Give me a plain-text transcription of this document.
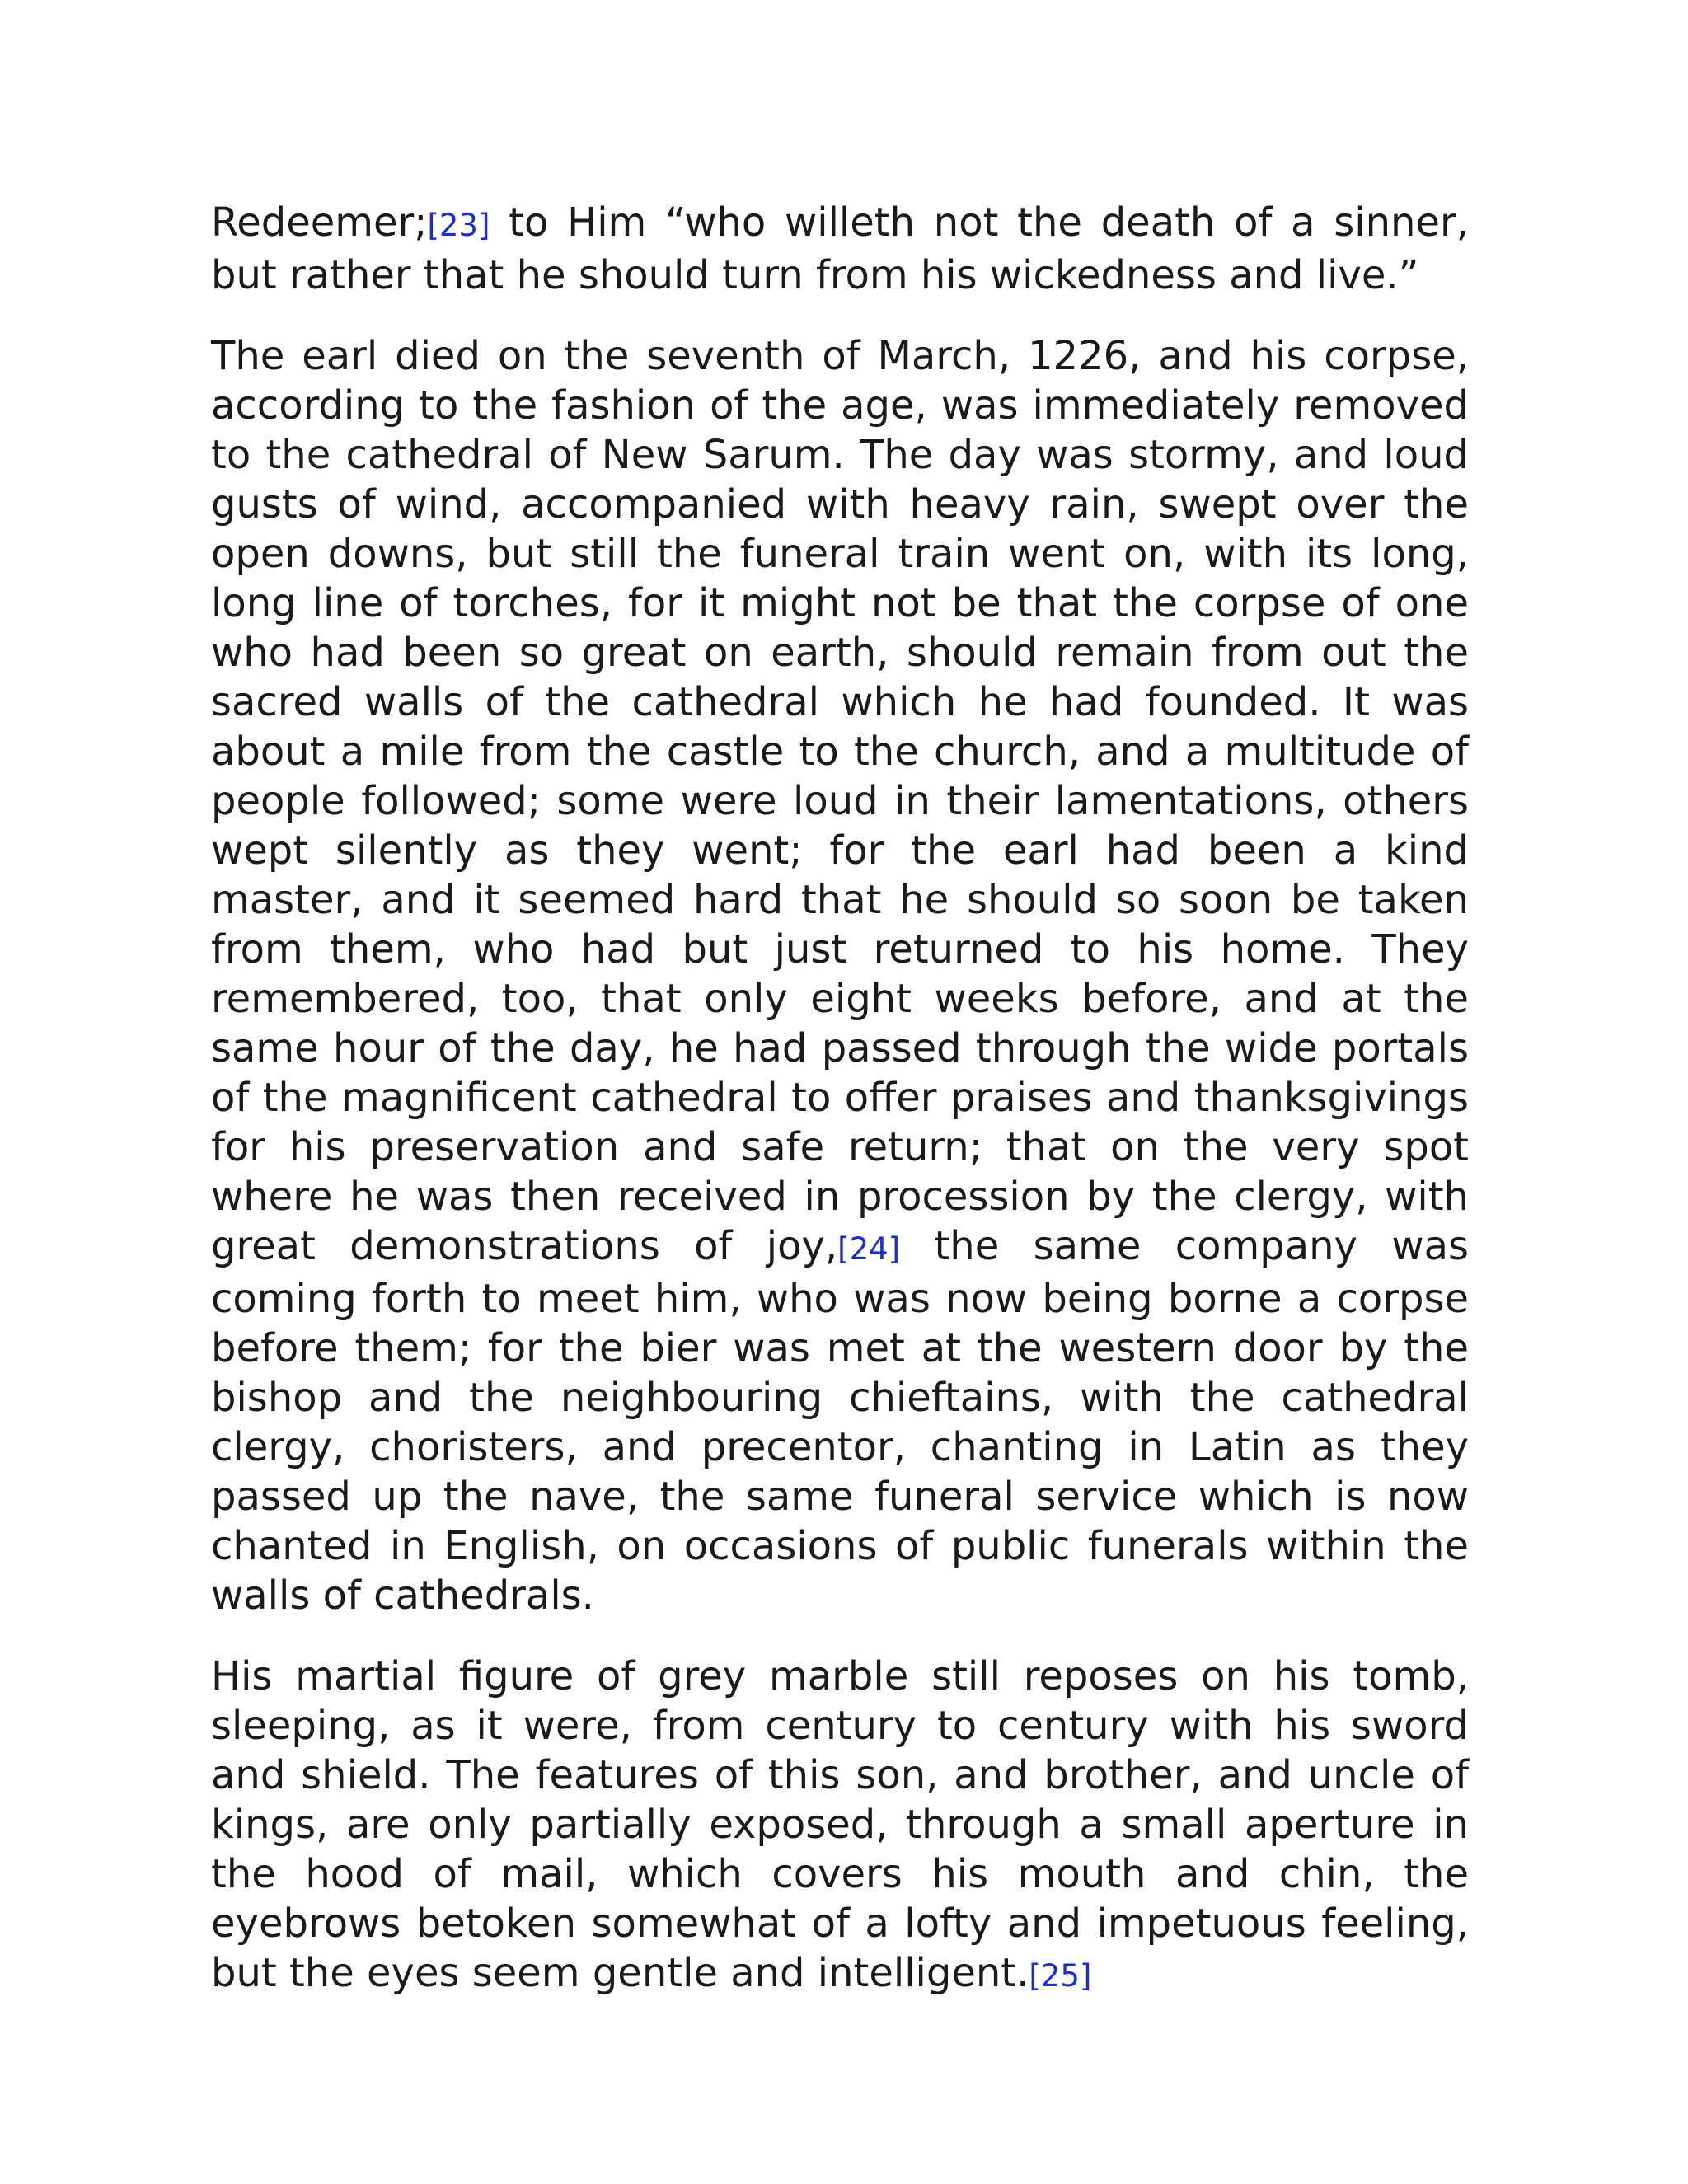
Redeemer;[23] to Him “who willeth not the death of a sinner, but rather that he should turn from his wickedness and live.”

The earl died on the seventh of March, 1226, and his corpse, according to the fashion of the age, was immediately removed to the cathedral of New Sarum. The day was stormy, and loud gusts of wind, accompanied with heavy rain, swept over the open downs, but still the funeral train went on, with its long, long line of torches, for it might not be that the corpse of one who had been so great on earth, should remain from out the sacred walls of the cathedral which he had founded. It was about a mile from the castle to the church, and a multitude of people followed; some were loud in their lamentations, others wept silently as they went; for the earl had been a kind master, and it seemed hard that he should so soon be taken from them, who had but just returned to his home. They remembered, too, that only eight weeks before, and at the same hour of the day, he had passed through the wide portals of the magnificent cathedral to offer praises and thanksgivings for his preservation and safe return; that on the very spot where he was then received in procession by the clergy, with great demonstrations of joy,[24] the same company was coming forth to meet him, who was now being borne a corpse before them; for the bier was met at the western door by the bishop and the neighbouring chieftains, with the cathedral clergy, choristers, and precentor, chanting in Latin as they passed up the nave, the same funeral service which is now chanted in English, on occasions of public funerals within the walls of cathedrals.

His martial figure of grey marble still reposes on his tomb, sleeping, as it were, from century to century with his sword and shield. The features of this son, and brother, and uncle of kings, are only partially exposed, through a small aperture in the hood of mail, which covers his mouth and chin, the eyebrows betoken somewhat of a lofty and impetuous feeling, but the eyes seem gentle and intelligent.[25]
